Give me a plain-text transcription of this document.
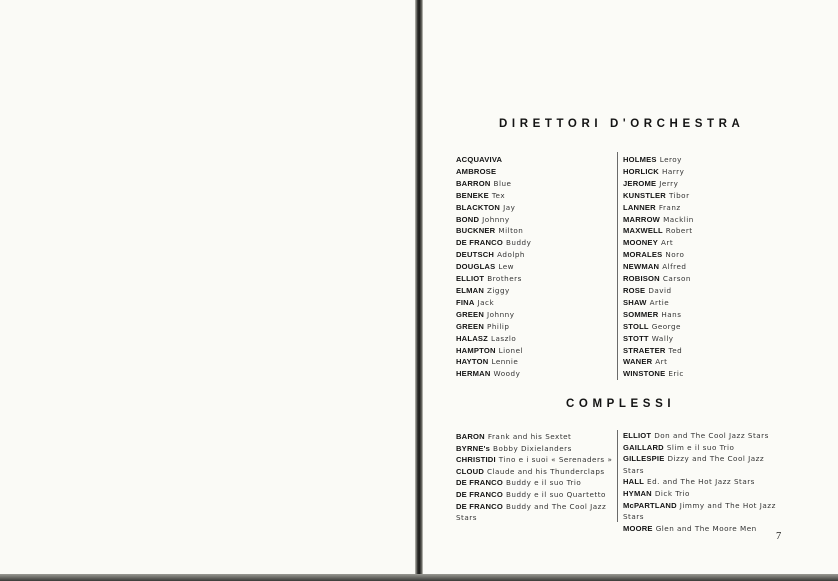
DIRETTORI D'ORCHESTRA
ACQUAVIVA
AMBROSE
BARRON Blue
BENEKE Tex
BLACKTON Jay
BOND Johnny
BUCKNER Milton
DE FRANCO Buddy
DEUTSCH Adolph
DOUGLAS Lew
ELLIOT Brothers
ELMAN Ziggy
FINA Jack
GREEN Johnny
GREEN Philip
HALASZ Laszlo
HAMPTON Lionel
HAYTON Lennie
HERMAN Woody
HOLMES Leroy
HORLICK Harry
JEROME Jerry
KUNSTLER Tibor
LANNER Franz
MARROW Macklin
MAXWELL Robert
MOONEY Art
MORALES Noro
NEWMAN Alfred
ROBISON Carson
ROSE David
SHAW Artie
SOMMER Hans
STOLL George
STOTT Wally
STRAETER Ted
WANER Art
WINSTONE Eric
COMPLESSI
BARON Frank and his Sextet
BYRNE's Bobby Dixielanders
CHRISTIDI Tino e i suoi « Serenaders »
CLOUD Claude and his Thunderclaps
DE FRANCO Buddy e il suo Trio
DE FRANCO Buddy e il suo Quartetto
DE FRANCO Buddy and The Cool Jazz Stars
ELLIOT Don and The Cool Jazz Stars
GAILLARD Slim e il suo Trio
GILLESPIE Dizzy and The Cool Jazz Stars
HALL Ed. and The Hot Jazz Stars
HYMAN Dick Trio
McPARTLAND Jimmy and The Hot Jazz Stars
MOORE Glen and The Moore Men

7
